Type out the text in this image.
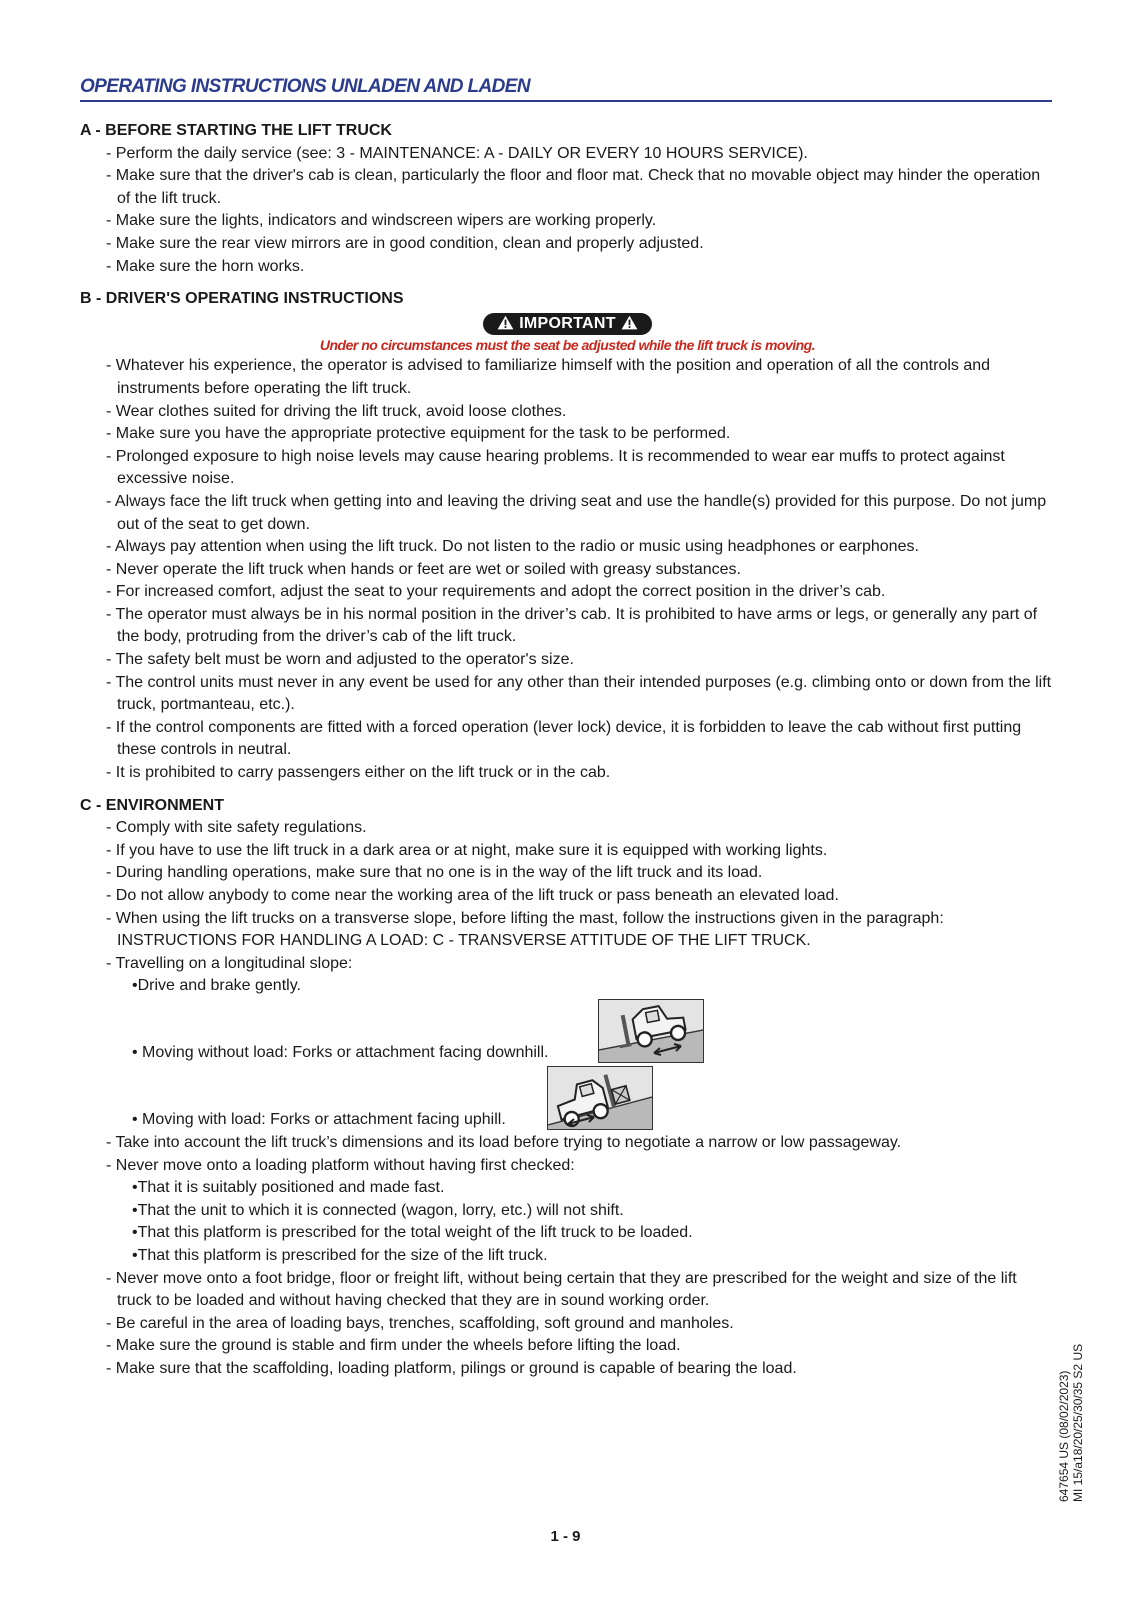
OPERATING INSTRUCTIONS UNLADEN AND LADEN
A - BEFORE STARTING THE LIFT TRUCK
- Perform the daily service (see: 3 - MAINTENANCE: A - DAILY OR EVERY 10 HOURS SERVICE).
- Make sure that the driver's cab is clean, particularly the floor and floor mat. Check that no movable object may hinder the operation of the lift truck.
- Make sure the lights, indicators and windscreen wipers are working properly.
- Make sure the rear view mirrors are in good condition, clean and properly adjusted.
- Make sure the horn works.
B - DRIVER'S OPERATING INSTRUCTIONS
IMPORTANT
Under no circumstances must the seat be adjusted while the lift truck is moving.
- Whatever his experience, the operator is advised to familiarize himself with the position and operation of all the controls and instruments before operating the lift truck.
- Wear clothes suited for driving the lift truck, avoid loose clothes.
- Make sure you have the appropriate protective equipment for the task to be performed.
- Prolonged exposure to high noise levels may cause hearing problems. It is recommended to wear ear muffs to protect against excessive noise.
- Always face the lift truck when getting into and leaving the driving seat and use the handle(s) provided for this purpose. Do not jump out of the seat to get down.
- Always pay attention when using the lift truck. Do not listen to the radio or music using headphones or earphones.
- Never operate the lift truck when hands or feet are wet or soiled with greasy substances.
- For increased comfort, adjust the seat to your requirements and adopt the correct position in the driver’s cab.
- The operator must always be in his normal position in the driver’s cab. It is prohibited to have arms or legs, or generally any part of the body, protruding from the driver’s cab of the lift truck.
- The safety belt must be worn and adjusted to the operator's size.
- The control units must never in any event be used for any other than their intended purposes (e.g. climbing onto or down from the lift truck, portmanteau, etc.).
- If the control components are fitted with a forced operation (lever lock) device, it is forbidden to leave the cab without first putting these controls in neutral.
- It is prohibited to carry passengers either on the lift truck or in the cab.
C - ENVIRONMENT
- Comply with site safety regulations.
- If you have to use the lift truck in a dark area or at night, make sure it is equipped with working lights.
- During handling operations, make sure that no one is in the way of the lift truck and its load.
- Do not allow anybody to come near the working area of the lift truck or pass beneath an elevated load.
- When using the lift trucks on a transverse slope, before lifting the mast, follow the instructions given in the paragraph: INSTRUCTIONS FOR HANDLING A LOAD: C - TRANSVERSE ATTITUDE OF THE LIFT TRUCK.
- Travelling on a longitudinal slope:
• Drive and brake gently.
• Moving without load: Forks or attachment facing downhill.
• Moving with load: Forks or attachment facing uphill.
- Take into account the lift truck’s dimensions and its load before trying to negotiate a narrow or low passageway.
- Never move onto a loading platform without having first checked:
• That it is suitably positioned and made fast.
• That the unit to which it is connected (wagon, lorry, etc.) will not shift.
• That this platform is prescribed for the total weight of the lift truck to be loaded.
• That this platform is prescribed for the size of the lift truck.
- Never move onto a foot bridge, floor or freight lift, without being certain that they are prescribed for the weight and size of the lift truck to be loaded and without having checked that they are in sound working order.
- Be careful in the area of loading bays, trenches, scaffolding, soft ground and manholes.
- Make sure the ground is stable and firm under the wheels before lifting the load.
- Make sure that the scaffolding, loading platform, pilings or ground is capable of bearing the load.
647654 US (08/02/2023) MI 15/a18/20/25/30/35 S2 US
1 - 9
